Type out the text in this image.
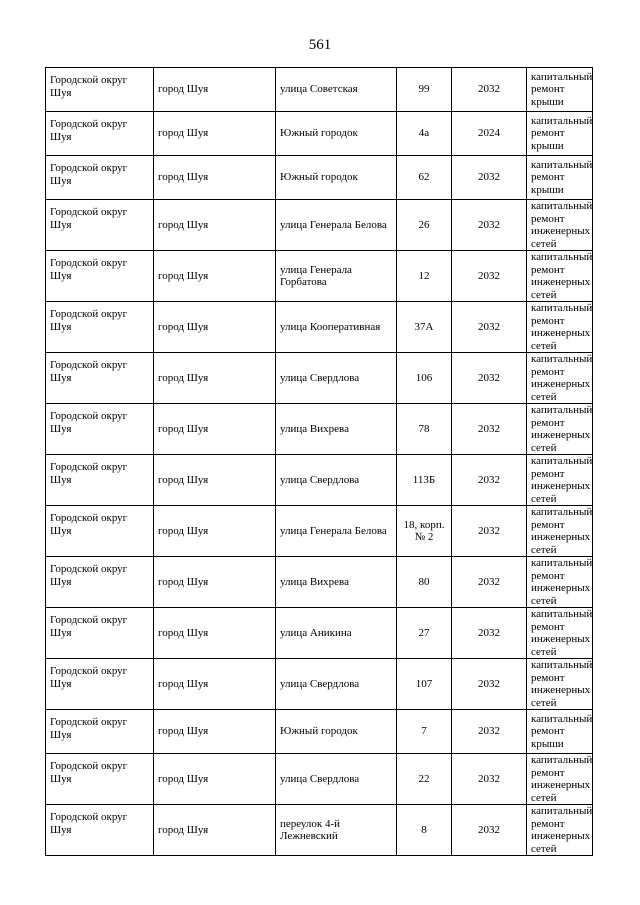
561
Городской округ Шуя	город Шуя	улица Советская	99	2032	капитальный ремонт крыши
Городской округ Шуя	город Шуя	Южный городок	4а	2024	капитальный ремонт крыши
Городской округ Шуя	город Шуя	Южный городок	62	2032	капитальный ремонт крыши
Городской округ Шуя	город Шуя	улица Генерала Белова	26	2032	капитальный ремонт инженерных сетей
Городской округ Шуя	город Шуя	улица Генерала Горбатова	12	2032	капитальный ремонт инженерных сетей
Городской округ Шуя	город Шуя	улица Кооперативная	37А	2032	капитальный ремонт инженерных сетей
Городской округ Шуя	город Шуя	улица Свердлова	106	2032	капитальный ремонт инженерных сетей
Городской округ Шуя	город Шуя	улица Вихрева	78	2032	капитальный ремонт инженерных сетей
Городской округ Шуя	город Шуя	улица Свердлова	113Б	2032	капитальный ремонт инженерных сетей
Городской округ Шуя	город Шуя	улица Генерала Белова	18, корп. № 2	2032	капитальный ремонт инженерных сетей
Городской округ Шуя	город Шуя	улица Вихрева	80	2032	капитальный ремонт инженерных сетей
Городской округ Шуя	город Шуя	улица Аникина	27	2032	капитальный ремонт инженерных сетей
Городской округ Шуя	город Шуя	улица Свердлова	107	2032	капитальный ремонт инженерных сетей
Городской округ Шуя	город Шуя	Южный городок	7	2032	капитальный ремонт крыши
Городской округ Шуя	город Шуя	улица Свердлова	22	2032	капитальный ремонт инженерных сетей
Городской округ Шуя	город Шуя	переулок 4-й Лежневский	8	2032	капитальный ремонт инженерных сетей
